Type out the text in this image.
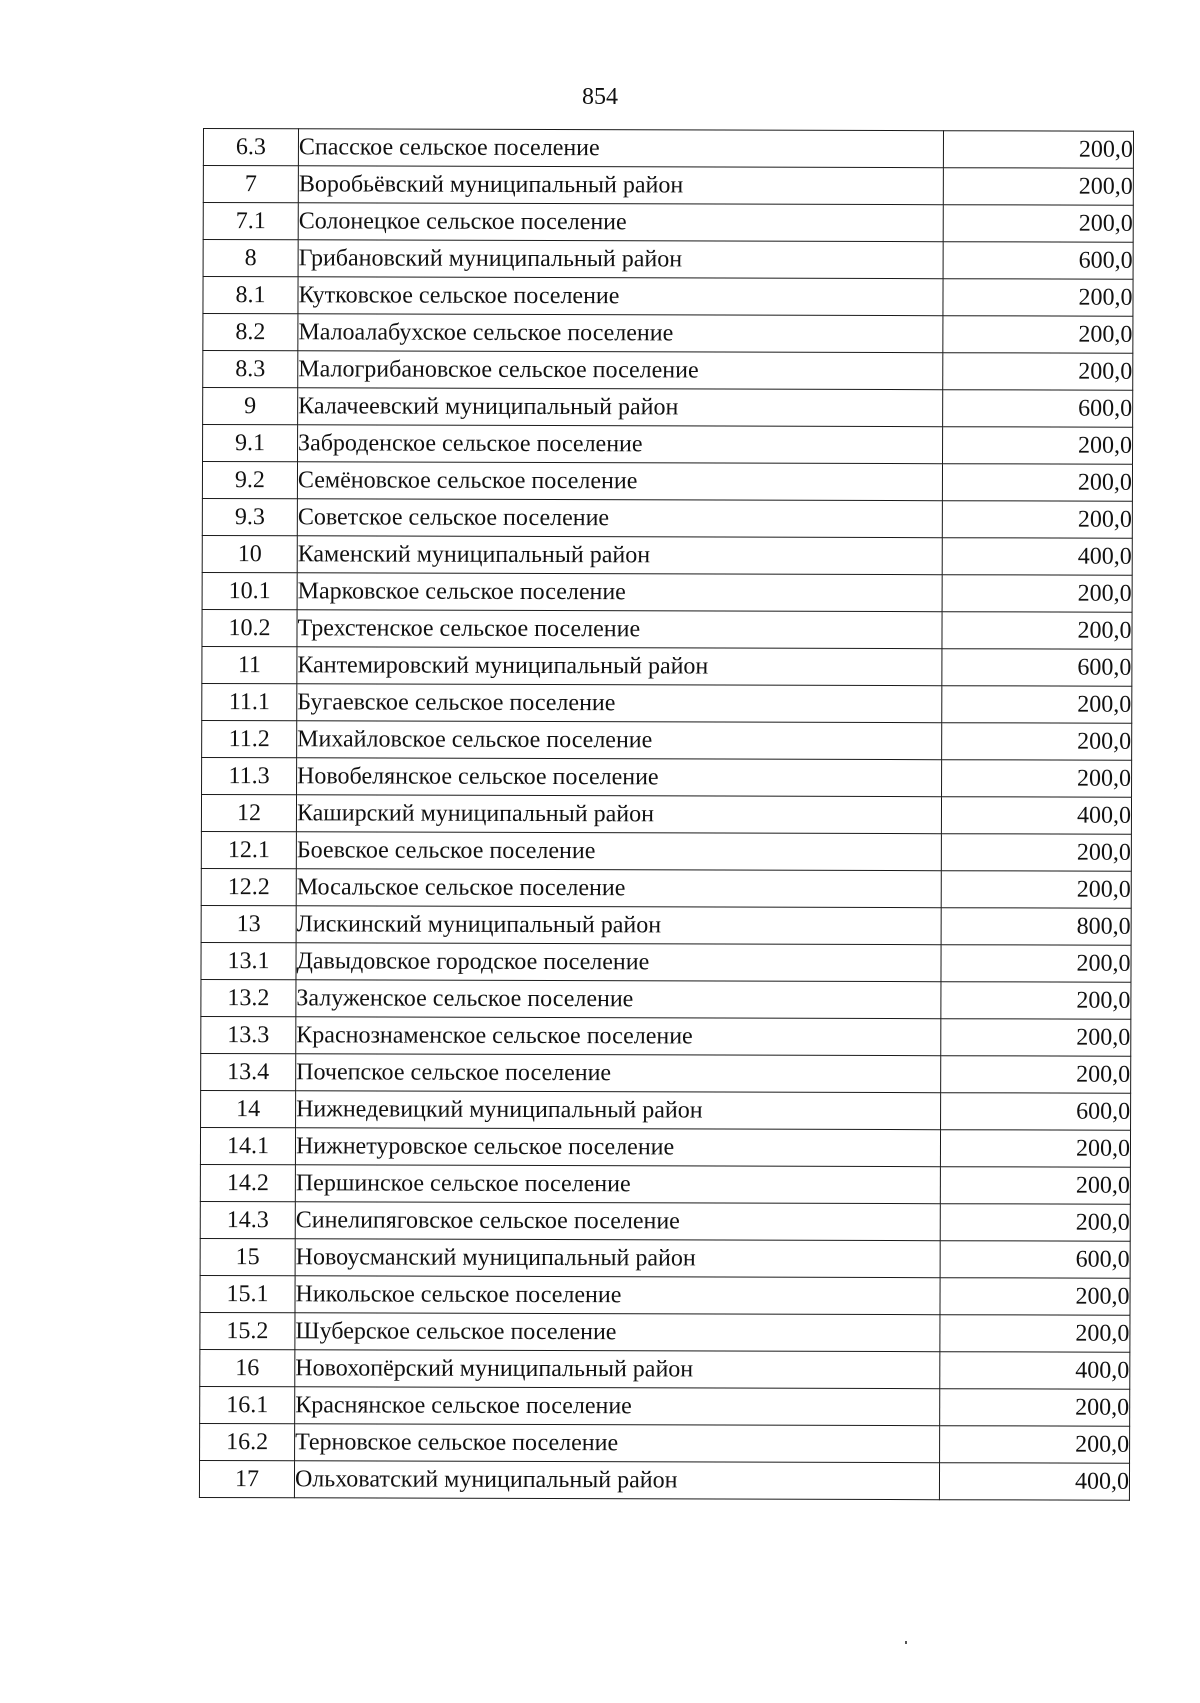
854
6.3	Спасское сельское поселение	200,0
7	Воробьёвский муниципальный район	200,0
7.1	Солонецкое сельское поселение	200,0
8	Грибановский муниципальный район	600,0
8.1	Кутковское сельское поселение	200,0
8.2	Малоалабухское сельское поселение	200,0
8.3	Малогрибановское сельское поселение	200,0
9	Калачеевский муниципальный район	600,0
9.1	Заброденское сельское поселение	200,0
9.2	Семёновское сельское поселение	200,0
9.3	Советское сельское поселение	200,0
10	Каменский муниципальный район	400,0
10.1	Марковское сельское поселение	200,0
10.2	Трехстенское сельское поселение	200,0
11	Кантемировский муниципальный район	600,0
11.1	Бугаевское сельское поселение	200,0
11.2	Михайловское сельское поселение	200,0
11.3	Новобелянское сельское поселение	200,0
12	Каширский муниципальный район	400,0
12.1	Боевское сельское поселение	200,0
12.2	Мосальское сельское поселение	200,0
13	Лискинский муниципальный район	800,0
13.1	Давыдовское городское поселение	200,0
13.2	Залуженское сельское поселение	200,0
13.3	Краснознаменское сельское поселение	200,0
13.4	Почепское сельское поселение	200,0
14	Нижнедевицкий муниципальный район	600,0
14.1	Нижнетуровское сельское поселение	200,0
14.2	Першинское сельское поселение	200,0
14.3	Синелипяговское сельское поселение	200,0
15	Новоусманский муниципальный район	600,0
15.1	Никольское сельское поселение	200,0
15.2	Шуберское сельское поселение	200,0
16	Новохопёрский муниципальный район	400,0
16.1	Краснянское сельское поселение	200,0
16.2	Терновское сельское поселение	200,0
17	Ольховатский муниципальный район	400,0
